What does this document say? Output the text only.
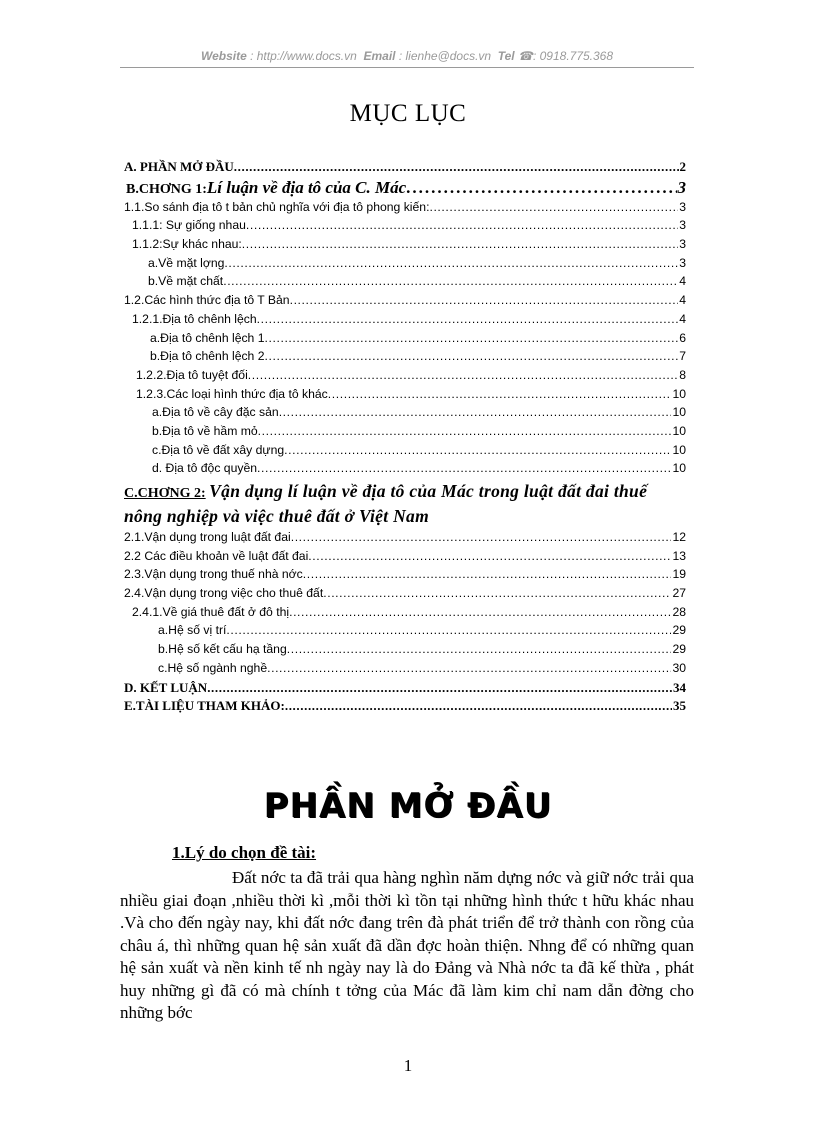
Website : http://www.docs.vn Email : lienhe@docs.vn Tel ☎: 0918.775.368
MỤC LỤC
A. PHẦN MỞ ĐẦU .....	2
B.CHƠNG 1: Lí luận về địa tô của C. Mác .....	3
1.1.So sánh địa tô t bản chủ nghĩa với địa tô phong kiến: .....	3
1.1.1: Sự giống nhau .....	3
1.1.2:Sự khác nhau: .....	3
a.Về mặt lợng .....	3
b.Về mặt chất .....	4
1.2.Các hình thức địa tô T Bản .....	4
1.2.1.Địa tô chênh lệch .....	4
a.Địa tô chênh lệch 1 .....	6
b.Địa tô chênh lệch 2 .....	7
1.2.2.Địa tô tuyệt đối .....	8
1.2.3.Các loại hình thức địa tô khác .....	10
a.Địa tô về cây đặc sản .....	10
b.Địa tô về hầm mỏ .....	10
c.Địa tô về đất xây dựng .....	10
d. Địa tô độc quyền .....	10
C.CHƠNG 2: Vận dụng lí luận về địa tô của Mác trong luật đất đai thuế nông nghiệp và việc thuê đất ở Việt Nam
2.1.Vận dụng trong luật đất đai .....	12
2.2 Các điều khoản về luật đất đai .....	13
2.3.Vận dụng trong thuế nhà nớc .....	19
2.4.Vận dụng trong việc cho thuê đất .....	27
2.4.1.Về giá thuê đất ở đô thị .....	28
a.Hệ số vị trí .....	29
b.Hệ số kết cấu hạ tầng .....	29
c.Hệ số ngành nghề .....	30
D. KẾT LUẬN .....	34
E.TÀI LIỆU THAM KHẢO: .....	35
PHẦN MỞ ĐẦU
1.Lý do chọn đề tài:
Đất nớc ta đã trải qua hàng nghìn năm dựng nớc và giữ nớc trải qua nhiều giai đoạn ,nhiều thời kì ,mỗi thời kì tồn tại những hình thức t hữu khác nhau .Và cho đến ngày nay, khi đất nớc đang trên đà phát triển để trở thành con rồng của châu á, thì những quan hệ sản xuất đã dần đợc hoàn thiện. Nhng để có những quan hệ sản xuất và nền kinh tế nh ngày nay là do Đảng và Nhà nớc ta đã kế thừa , phát huy những gì đã có mà chính t tởng của Mác đã làm kim chỉ nam dẫn đờng cho những bớc
1
